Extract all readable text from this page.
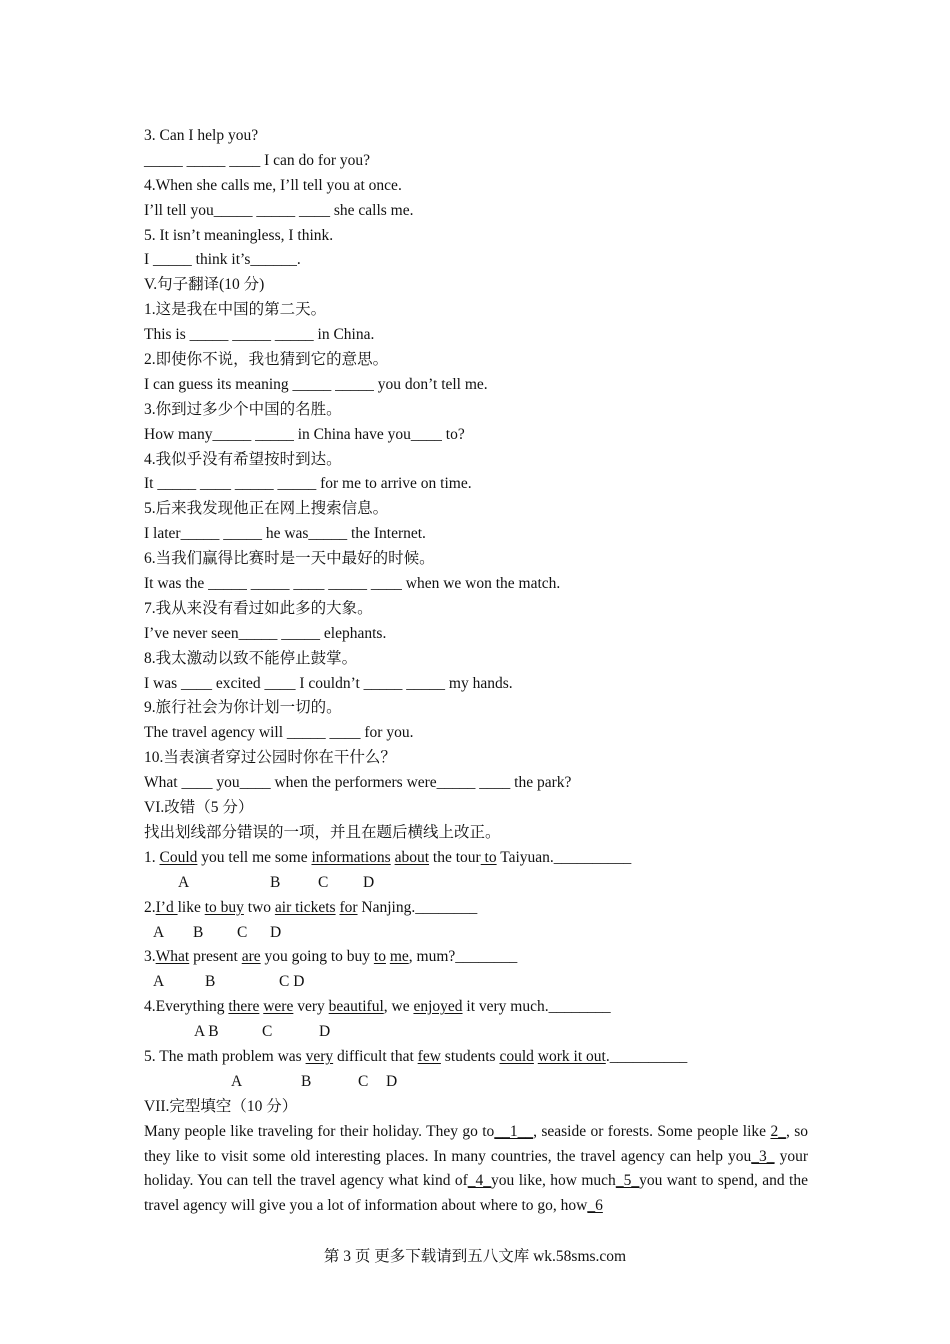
3. Can I help you?
_____ _____ ____ I can do for you?
4.When she calls me, I’ll tell you at once.
I’ll tell you_____ _____ ____ she calls me.
5. It isn’t meaningless, I think.
I _____ think it’s______.
V.句子翻译(10 分)
1.这是我在中国的第二天。
This is _____ _____ _____ in China.
2.即使你不说，我也猜到它的意思。
I can guess its meaning _____ _____ you don’t tell me.
3.你到过多少个中国的名胜。
How many_____ _____ in China have you____ to?
4.我似乎没有希望按时到达。
It _____ ____ _____ _____ for me to arrive on time.
5.后来我发现他正在网上搜索信息。
I later_____ _____ he was_____ the Internet.
6.当我们赢得比赛时是一天中最好的时候。
It was the _____ _____ ____ _____ ____ when we won the match.
7.我从来没有看过如此多的大象。
I’ve never seen_____ _____ elephants.
8.我太激动以致不能停止鼓掌。
I was ____ excited ____ I couldn’t _____ _____ my hands.
9.旅行社会为你计划一切的。
The travel agency will _____ ____ for you.
10.当表演者穿过公园时你在干什么？
What ____ you____ when the performers were_____ ____ the park?
VI.改错（5 分）
找出划线部分错误的一项，并且在题后横线上改正。
1. Could you tell me some informations about the tour to Taiyuan.__________
A	B C D
2.I’d like to buy two air tickets for Nanjing.________
A B C D
3.What present are you going to buy to me, mum?________
A	B	C D
4.Everything there were very beautiful, we enjoyed it very much.________
A B	C	D
5. The math problem was very difficult that few students could work it out.__________
A	B	C D
VII.完型填空（10 分）
Many people like traveling for their holiday. They go to__1__, seaside or forests. Some people like 2_, so they like to visit some old interesting places. In many countries, the travel agency can help you_3_ your holiday. You can tell the travel agency what kind of_4_you like, how much_5_you want to spend, and the travel agency will give you a lot of information about where to go, how_6
第 3 页 更多下载请到五八文库 wk.58sms.com
